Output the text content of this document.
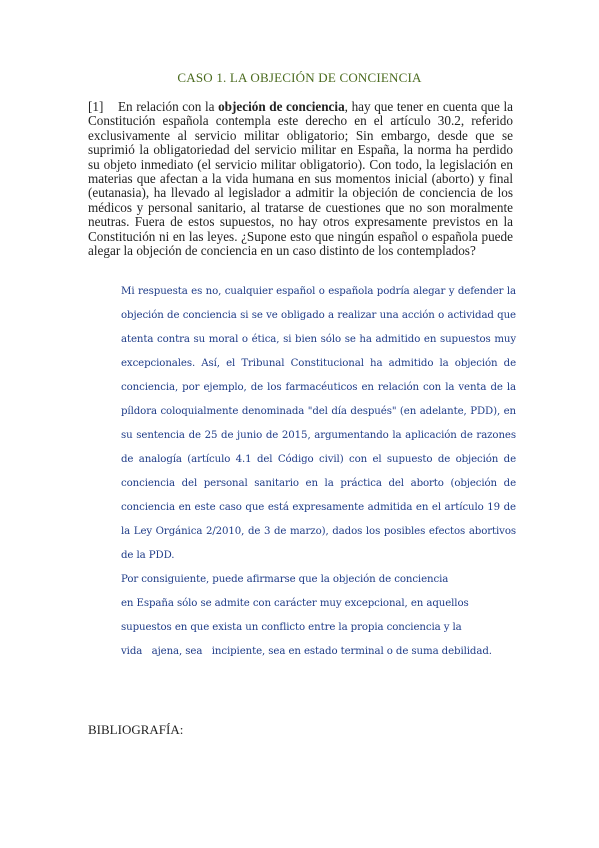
CASO 1. LA OBJECIÓN DE CONCIENCIA
[1] En relación con la objeción de conciencia, hay que tener en cuenta que la Constitución española contempla este derecho en el artículo 30.2, referido exclusivamente al servicio militar obligatorio; Sin embargo, desde que se suprimió la obligatoriedad del servicio militar en España, la norma ha perdido su objeto inmediato (el servicio militar obligatorio). Con todo, la legislación en materias que afectan a la vida humana en sus momentos inicial (aborto) y final (eutanasia), ha llevado al legislador a admitir la objeción de conciencia de los médicos y personal sanitario, al tratarse de cuestiones que no son moralmente neutras. Fuera de estos supuestos, no hay otros expresamente previstos en la Constitución ni en las leyes. ¿Supone esto que ningún español o española puede alegar la objeción de conciencia en un caso distinto de los contemplados?

Mi respuesta es no, cualquier español o española podría alegar y defender la objeción de conciencia si se ve obligado a realizar una acción o actividad que atenta contra su moral o ética, si bien sólo se ha admitido en supuestos muy excepcionales. Así, el Tribunal Constitucional ha admitido la objeción de conciencia, por ejemplo, de los farmacéuticos en relación con la venta de la píldora coloquialmente denominada "del día después" (en adelante, PDD), en su sentencia de 25 de junio de 2015, argumentando la aplicación de razones de analogía (artículo 4.1 del Código civil) con el supuesto de objeción de conciencia del personal sanitario en la práctica del aborto (objeción de conciencia en este caso que está expresamente admitida en el artículo 19 de la Ley Orgánica 2/2010, de 3 de marzo), dados los posibles efectos abortivos de la PDD.

Por consiguiente, puede afirmarse que la objeción de conciencia
en España sólo se admite con carácter muy excepcional, en aquellos
supuestos en que exista un conflicto entre la propia conciencia y la
vida   ajena, sea   incipiente, sea en estado terminal o de suma debilidad.
BIBLIOGRAFÍA:
